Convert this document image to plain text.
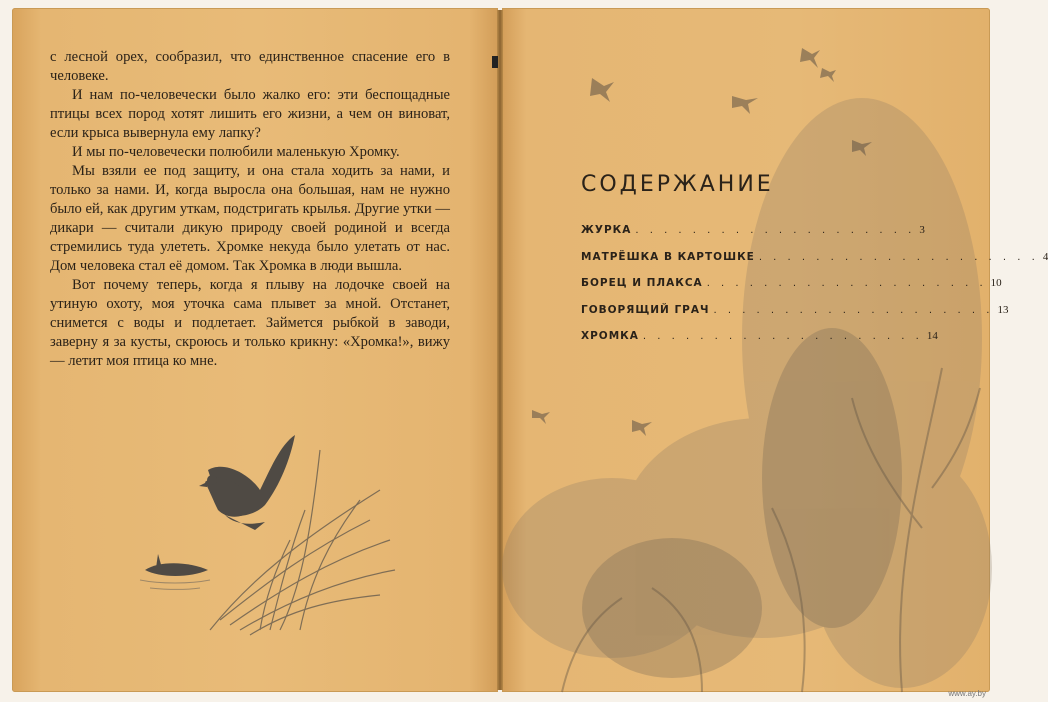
с лесной орех, сообразил, что единственное спасение его в человеке.

И нам по-человечески было жалко его: эти беспощадные птицы всех пород хотят лишить его жизни, а чем он виноват, если крыса вывернула ему лапку?

И мы по-человечески полюбили маленькую Хромку.

Мы взяли ее под защиту, и она стала ходить за нами, и только за нами. И, когда выросла она большая, нам не нужно было ей, как другим уткам, подстригать крылья. Другие утки — дикари — считали дикую природу своей родиной и всегда стремились туда улететь. Хромке некуда было улетать от нас. Дом человека стал её домом. Так Хромка в люди вышла.

Вот почему теперь, когда я плыву на лодочке своей на утиную охоту, моя уточка сама плывет за мной. Отстанет, снимется с воды и подлетает. Займется рыбкой в заводи, заверну я за кусты, скроюсь и только крикну: «Хромка!», вижу — летит моя птица ко мне.

СОДЕРЖАНИЕ
ЖУРКА . . . . . . . . . . . . . . . . . . . . 3
МАТРЁШКА В КАРТОШКЕ . . . . . . . . . . . . . . . . . . . . 4
БОРЕЦ И ПЛАКСА . . . . . . . . . . . . . . . . . . . . 10
ГОВОРЯЩИЙ ГРАЧ . . . . . . . . . . . . . . . . . . . . 13
ХРОМКА . . . . . . . . . . . . . . . . . . . . 14
www.ay.by
